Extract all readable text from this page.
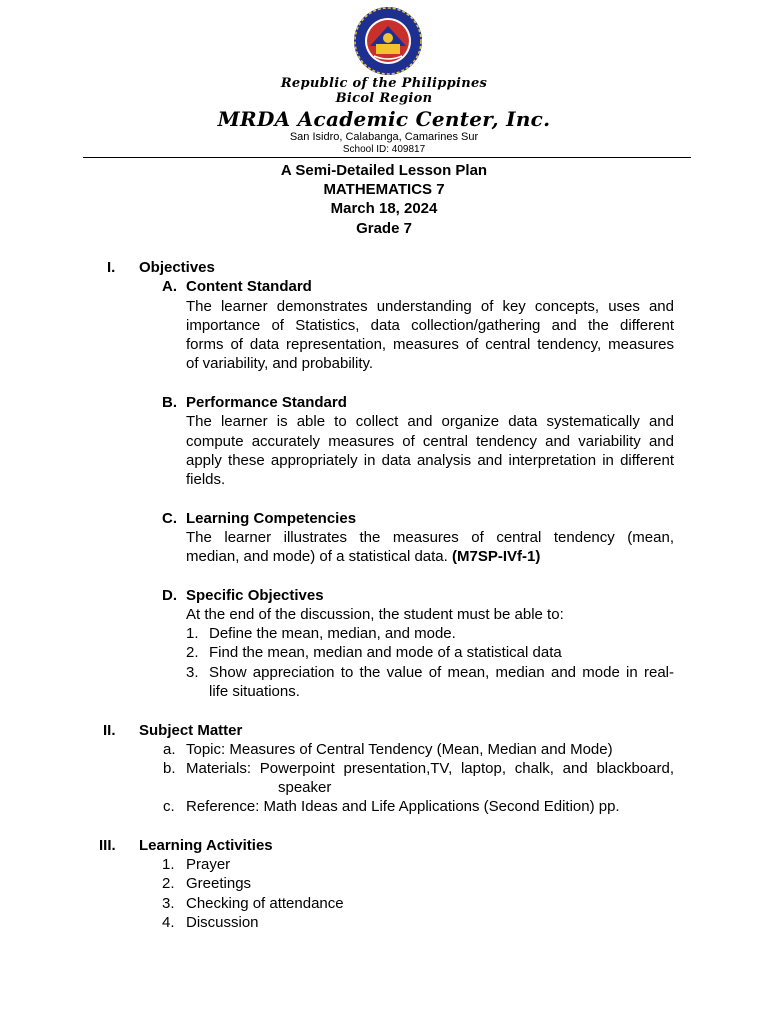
Republic of the Philippines
Bicol Region
MRDA Academic Center, Inc.
San Isidro, Calabanga, Camarines Sur
School ID: 409817
A Semi-Detailed Lesson Plan
MATHEMATICS 7
March 18, 2024
Grade 7
I. Objectives
A. Content Standard
The learner demonstrates understanding of key concepts, uses and
importance of Statistics, data collection/gathering and the different
forms of data representation, measures of central tendency, measures
of variability, and probability.
B. Performance Standard
The learner is able to collect and organize data systematically and
compute accurately measures of central tendency and variability and
apply these appropriately in data analysis and interpretation in different
fields.
C. Learning Competencies
The learner illustrates the measures of central tendency (mean,
median, and mode) of a statistical data. (M7SP-IVf-1)
D. Specific Objectives
At the end of the discussion, the student must be able to:
1. Define the mean, median, and mode.
2. Find the mean, median and mode of a statistical data
3. Show appreciation to the value of mean, median and mode in real-
life situations.
II. Subject Matter
a. Topic: Measures of Central Tendency (Mean, Median and Mode)
b. Materials: Powerpoint presentation,TV, laptop, chalk, and blackboard,
speaker
c. Reference: Math Ideas and Life Applications (Second Edition) pp.
III. Learning Activities
1. Prayer
2. Greetings
3. Checking of attendance
4. Discussion
